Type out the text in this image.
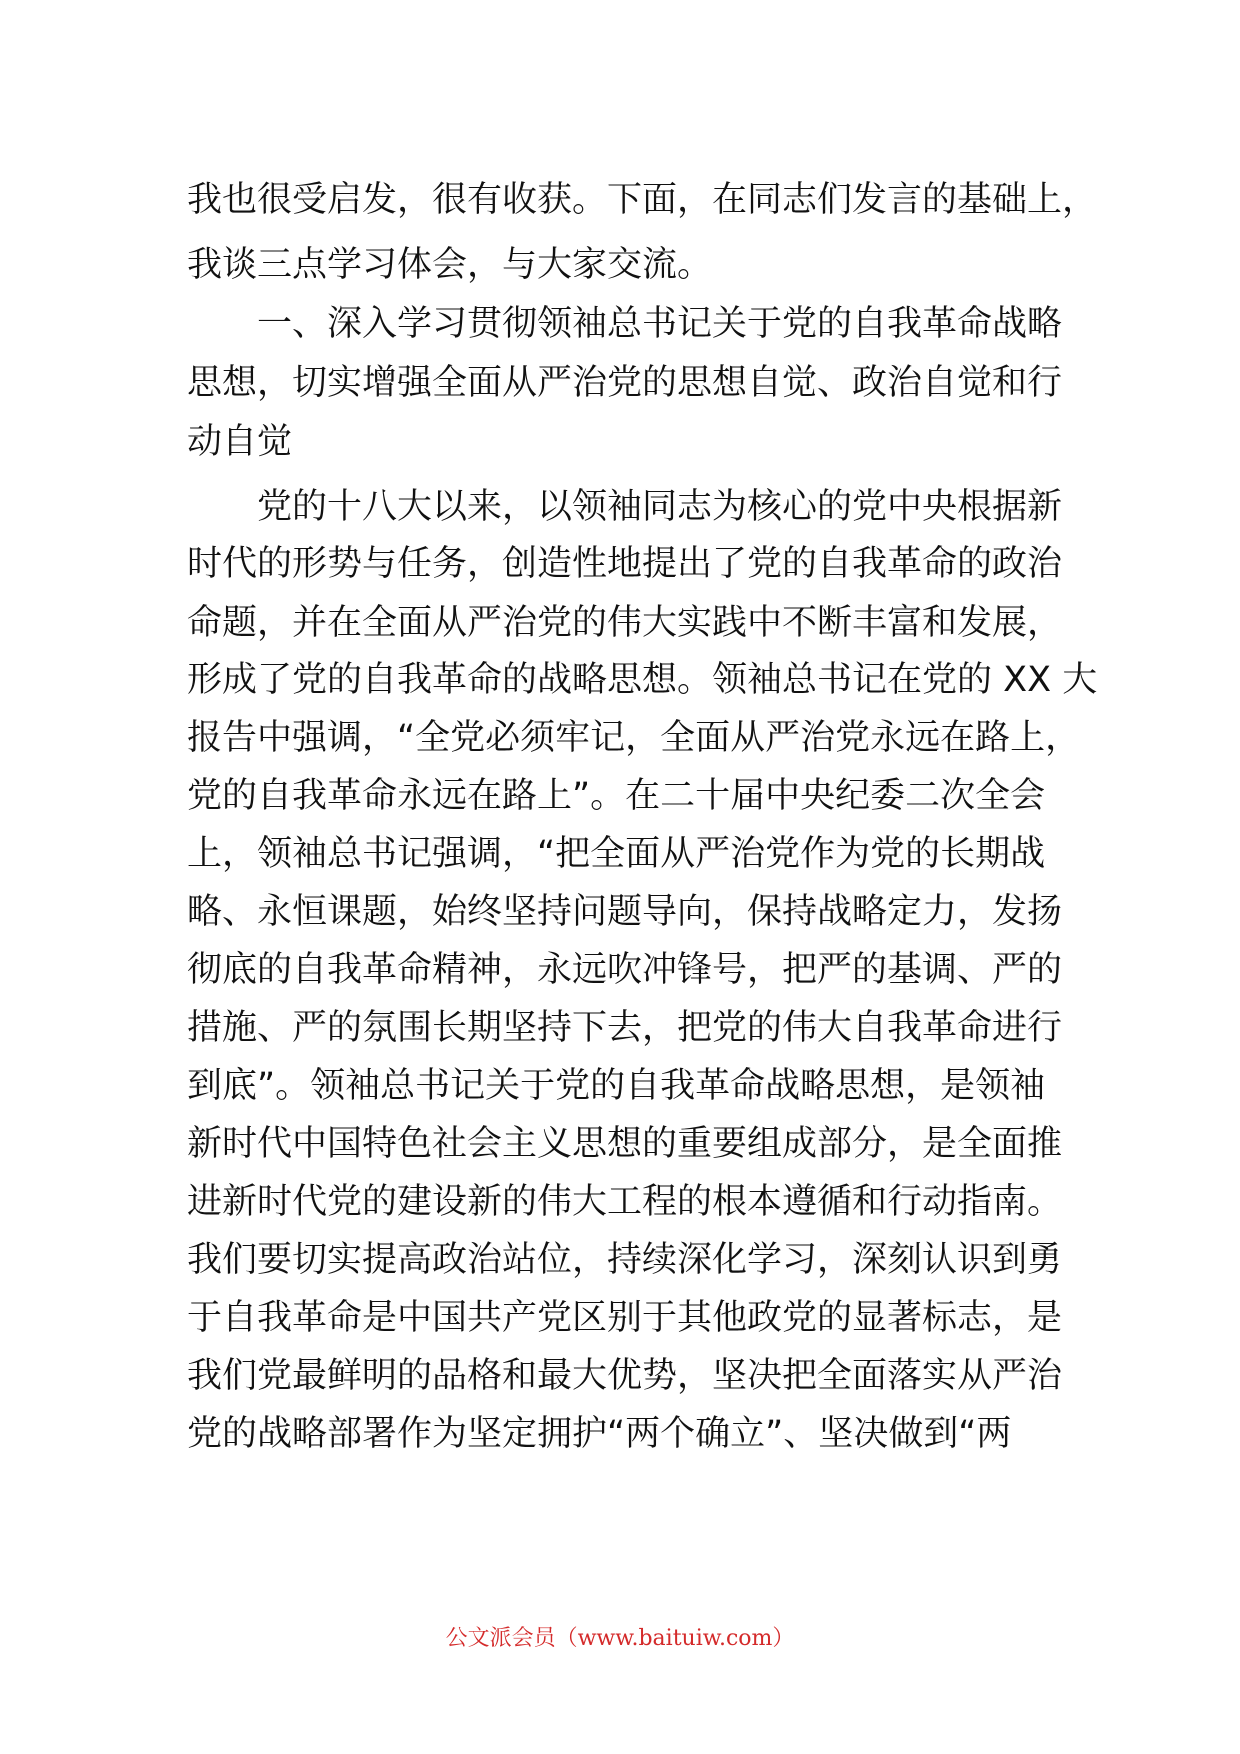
我也很受启发，很有收获。下面，在同志们发言的基础上，
我谈三点学习体会，与大家交流。
　　一、深入学习贯彻领袖总书记关于党的自我革命战略
思想，切实增强全面从严治党的思想自觉、政治自觉和行
动自觉
　　党的十八大以来，以领袖同志为核心的党中央根据新
时代的形势与任务，创造性地提出了党的自我革命的政治
命题，并在全面从严治党的伟大实践中不断丰富和发展，
形成了党的自我革命的战略思想。领袖总书记在党的 XX 大
报告中强调，“全党必须牢记，全面从严治党永远在路上，
党的自我革命永远在路上”。在二十届中央纪委二次全会
上，领袖总书记强调，“把全面从严治党作为党的长期战
略、永恒课题，始终坚持问题导向，保持战略定力，发扬
彻底的自我革命精神，永远吹冲锋号，把严的基调、严的
措施、严的氛围长期坚持下去，把党的伟大自我革命进行
到底”。领袖总书记关于党的自我革命战略思想，是领袖
新时代中国特色社会主义思想的重要组成部分，是全面推
进新时代党的建设新的伟大工程的根本遵循和行动指南。
我们要切实提高政治站位，持续深化学习，深刻认识到勇
于自我革命是中国共产党区别于其他政党的显著标志，是
我们党最鲜明的品格和最大优势，坚决把全面落实从严治
党的战略部署作为坚定拥护“两个确立”、坚决做到“两
公文派会员（www.baituiw.com）
